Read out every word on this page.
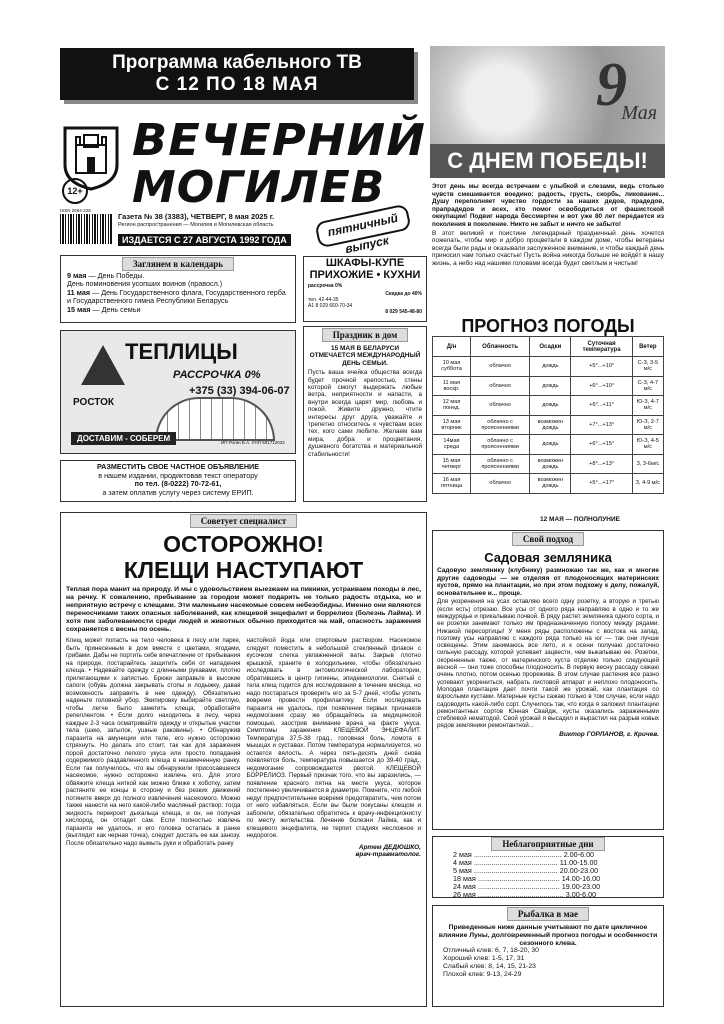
Программа кабельного ТВ
С 12 ПО 18 МАЯ
12+
ВЕЧЕРНИЙ
МОГИЛЕВ
пятничный выпуск
ISSN 2664-228
Газета № 38 (3383), ЧЕТВЕРГ, 8 мая 2025 г.
Регион распространения — Могилев и Могилевская область
ИЗДАЕТСЯ С 27 АВГУСТА 1992 ГОДА
9
Мая
С ДНЕМ ПОБЕДЫ!

Этот день мы всегда встречаем с улыбкой и слезами, ведь столько чувств смешивается воедино: радость, грусть, скорбь, ликование... Душу переполняет чувство гордости за наших дедов, прадедов, прапрадедов и всех, кто помог освободиться от фашистской оккупации! Подвиг народа бессмертен и вот уже 80 лет передается из поколения в поколение. Никто не забыт и ничто не забыто!

В этот великий и поистине легендарный праздничный день хочется пожелать, чтобы мир и добро процветали в каждом доме, чтобы ветераны всегда были рады и оказывали заслуженное внимание, и чтобы каждый день приносил нам только счастье! Пусть война никогда больше не войдёт в нашу жизнь, а небо над нашими головами всегда будет светлым и чистым!

Заглянем в календарь
9 мая — День Победы.
День поминовения усопших воинов (правосл.)
11 мая — День Государственного флага, Государственного герба и Государственного гимна Республики Беларусь
15 мая — День семьи
ШКАФЫ-КУПЕ ПРИХОЖИЕ • КУХНИ
рассрочка 0%
Скидка до 40%
тел. 42-44-35
A1 8 029 660-70-34
8 029 545-48-80
ТЕПЛИЦЫ
РАССРОЧКА 0%
+375 (33) 394-06-07
РОСТОК
ДОСТАВИМ - СОБЕРЕМ	ИП Рогин Б.А. УНП 591712032
РАЗМЕСТИТЬ СВОЕ ЧАСТНОЕ ОБЪЯВЛЕНИЕ
в нашем издании, продиктовав текст оператору
по тел. (8-0222) 70-72-61,
а затем оплатив услугу через систему ЕРИП.
Праздник в дом
15 МАЯ В БЕЛАРУСИ ОТМЕЧАЕТСЯ МЕЖДУНАРОДНЫЙ ДЕНЬ СЕМЬИ.
Пусть ваша ячейка общества всегда будет прочной крепостью, стены которой смогут выдержать любые ветра, неприятности и напасти, а внутри всегда царят мир, любовь и покой. Живите дружно, чтите интересы друг друга, уважайте и трепетно относитесь к чувствам всех тех, кого сами любите. Желаем вам мира, добра и процветания, душевного богатства и материальной стабильности!
ПРОГНОЗ ПОГОДЫ
Д/н	Облачность	Осадки	Суточная температура	Ветер
10 мая суббота	облачно	дождь	+5°...+10°	С-З, 3-5 м/с
11 мая воскр.	облачно	дождь	+6°...+10°	С-З, 4-7 м/с
12 мая понед.	облачно	дождь	+6°...+11°	Ю-З, 4-7 м/с
13 мая вторник	облачно с прояснениями	возможен дождь	+7°...+13°	Ю-З, 2-7 м/с
14мая среда	облачно с прояснениями	дождь	+6°...+15°	Ю-З, 4-5 м/с
15 мая четверг	облачно с прояснениями	возможен дождь	+8°...+13°	З, 3-6м/с
16 мая пятница	облачно	возможен дождь	+5°...+17°	З, 4-9 м/с
12 МАЯ — ПОЛНОЛУНИЕ
Советует специалист
ОСТОРОЖНО!
КЛЕЩИ НАСТУПАЮТ
Теплая пора манит на природу. И мы с удовольствием выезжаем на пикники, устраиваем походы в лес, на речку. К сожалению, пребывание за городом может подарить не только радость отдыха, но и неприятную встречу с клещами. Эти маленькие насекомые совсем небезобидны. Именно они являются переносчиками таких опасных заболеваний, как клещевой энцефалит и боррелиоз (болезнь Лайма). И хотя пик заболеваемости среди людей и животных обычно приходится на май, опасность заражения сохраняется с весны по осень.
Клещ может попасть на тело человека в лесу или парке, быть принесенным в дом вместе с цветами, ягодами, грибами. Дабы не портить себе впечатление от пребывания на природе, постарайтесь защитить себя от нападения клеща. • Надевайте одежду с длинными рукавами, плотно прилегающими к запястью. Брюки заправьте в высокие сапоги (обувь должна закрывать стопы и лодыжку, давая возможность заправить в нее одежду). Обязательно наденьте головной убор. Экипировку выбирайте светлую, чтобы легче было заметить клеща, обработайте репеллентом. • Если долго находитесь в лесу, через каждые 2-3 часа осматривайте одежду и открытые участки тела (шею, затылок, ушные раковины). • Обнаружив паразита на амуниции или теле, его нужно осторожно стряхнуть. Но делать это стоит, так как для заражения порой достаточно легкого укуса или просто попадания содержимого раздавленного клеща в незамеченную ранку. Если так получилось, что вы обнаружили присосавшееся насекомое, нужно осторожно извлечь его. Для этого обвяжите клеща ниткой как можно ближе к хоботку, затем растяните ее концы в сторону и без резких движений потяните вверх до полного извлечения насекомого. Можно также нанести на него какой-либо масляный раствор: тогда жидкость перекроет дыхальца клеща, и он, не получая кислород, он отпадет сам. Если полностью извлечь паразита не удалось, и его головка осталась в ранке (выглядит как черная точка), следует достать ее как занозу. После обязательно надо вымыть руки и обработать ранку
настойкой йода или спиртовым раствором. Насекомое следует поместить в небольшой стеклянный флакон с кусочком слегка увлажненной ваты. Закрыв плотно крышкой, храните в холодильнике, чтобы обязательно исследовать в энтомологической лаборатории, обратившись в центр гигиены, эпидемиологии. Снятый с тела клещ годится для исследования в течение месяца, но надо постараться проверить его за 5-7 дней, чтобы успеть вовремя провести профилактику. Если исследовать паразита не удалось, при появлении первых признаков недомогания сразу же обращайтесь за медицинской помощью, заострив внимание врача на факте укуса. Симптомы заражения КЛЕЩЕВОЙ ЭНЦЕФАЛИТ. Температура 37,5-38 град., головная боль, ломота в мышцах и суставах. Потом температура нормализуется, но остается вялость. А через пять-десять дней снова появляется боль, температура повышается до 39-40 град., недомогание сопровождается рвотой. КЛЕЩЕВОЙ БОРРЕЛИОЗ. Первый признак того, что вы заразились, — появление красного пятна на месте укуса, которое постепенно увеличивается в диаметре. Помните, что любой недуг предпочтительнее вовремя предотвратить, чем потом от него избавляться. Если вы были покусаны клещом и заболели, обязательно обратитесь к врачу-инфекционисту по месту жительства. Лечение болезни Лайма, как и клещевого энцефалита, не терпит стадиях несложное и недорогое.
Артем ДЕДЮШКО,
врач-травматолог.
Свой подход
Садовая земляника
Садовую землянику (клубнику) размножаю так же, как и многие другие садоводы — не отделяя от плодоносящих материнских кустов, прямо на плантации, но при этом подхожу к делу, пожалуй, основательнее и... проще.
Для укоренения на усах оставляю всего одну розетку, а вторую и третью (если есть) отрезаю. Все усы от одного ряда направляю в одно и то же междурядье и прикалываю почвой. В ряду растет земляника одного сорта, и ее розетки занимают только им предназначенную полосу между рядами. Никакой пересортицы! У меня ряды расположены с востока на запад, поэтому усы направляю с каждого ряда только на юг — так они лучше освещены. Этим занимаюсь все лето, и к осени получаю достаточно сильную рассаду, которой успевает зацвести, чем выкапываю ее. Розетки, окорененные также, от материнского куста отделяю только следующей весной — они тоже способны плодоносить. В первую весну рассаду сажаю очень плотно, потом осенью прорежива. В этом случае растения все разно успевают укорениться, набрать листовой аппарат и неплохо плодоносить. Молодая плантация дает почти такой же урожай, как плантация со взрослыми кустами. Матерные кусты сажаю только в том случае, если надо садоводить какой-либо сорт. Случилось так, что когда я заложил плантацию ремонтантных сортов Юнная Свайдж, кусты оказались зараженными стеблевой нематодой. Свой урожай я высадил и вырастил на разрыв новых рядов земляники ремонтантной...
Виктор ГОРЛАНОВ, г. Кричев.
Неблагоприятные дни
2 мая ............................................ 2.00-6.00
4 мая .......................................... 11.00-15.00
5 мая .......................................... 20.00-23.00
18 мая ......................................... 14.00-16.00
24 мая ......................................... 19.00-23.00
26 мая ........................................... 3.00-6.00
Рыбалка в мае
Приведенные ниже данные учитывают по дате цикличное влияние Луны, долговременный прогноз погоды и особенности сезонного клева.
Отличный клев: 6, 7, 18-20, 30
Хороший клев: 1-5, 17, 31
Слабый клев: 8, 14, 15, 21-23
Плохой клев: 9-13, 24-29
